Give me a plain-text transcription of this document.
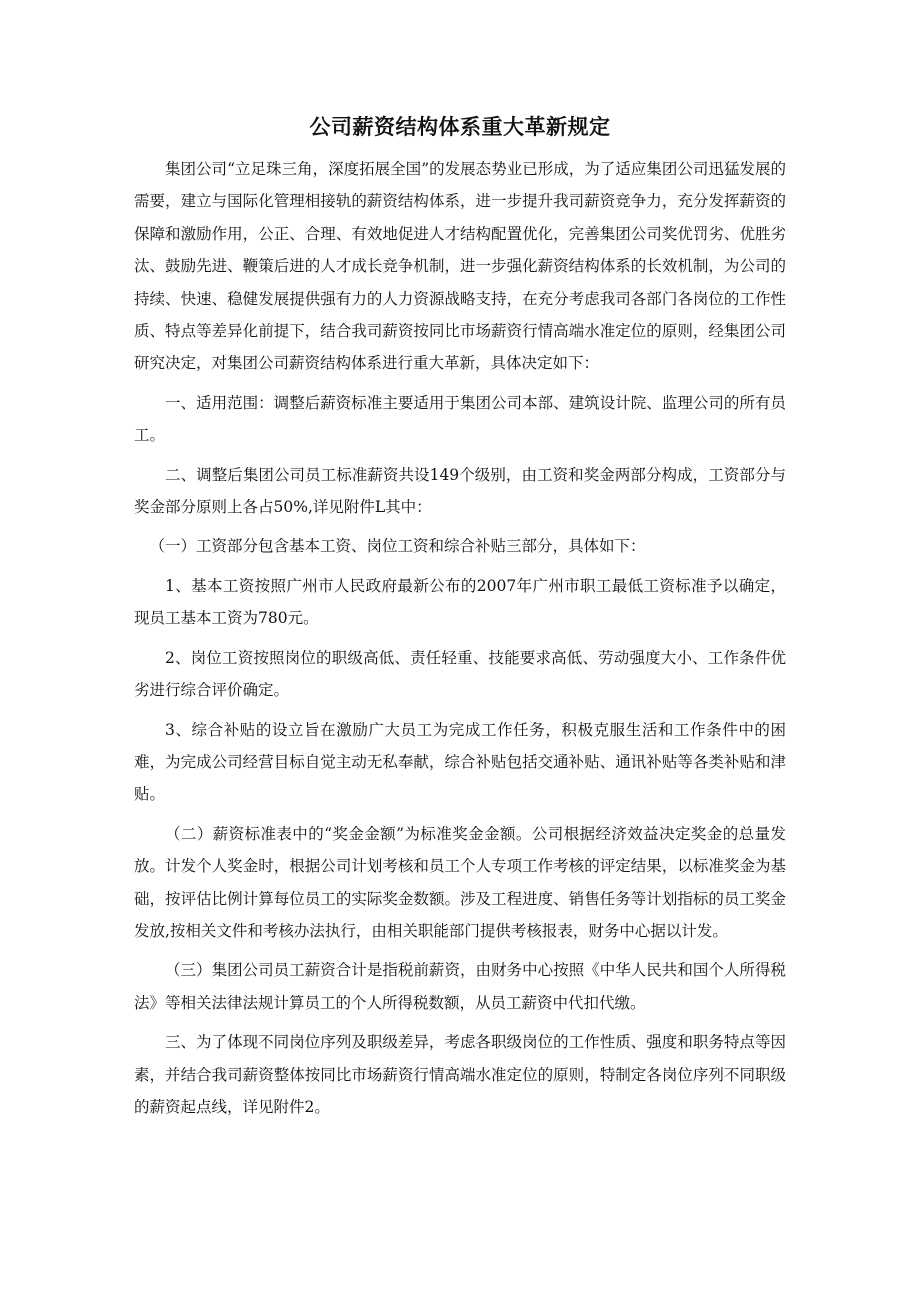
公司薪资结构体系重大革新规定

集团公司“立足珠三角，深度拓展全国”的发展态势业已形成，为了适应集团公司迅猛发展的需要，建立与国际化管理相接轨的薪资结构体系，进一步提升我司薪资竞争力，充分发挥薪资的保障和激励作用，公正、合理、有效地促进人才结构配置优化，完善集团公司奖优罚劣、优胜劣汰、鼓励先进、鞭策后进的人才成长竞争机制，进一步强化薪资结构体系的长效机制，为公司的持续、快速、稳健发展提供强有力的人力资源战略支持，在充分考虑我司各部门各岗位的工作性质、特点等差异化前提下，结合我司薪资按同比市场薪资行情高端水准定位的原则，经集团公司研究决定，对集团公司薪资结构体系进行重大革新，具体决定如下：

一、适用范围：调整后薪资标准主要适用于集团公司本部、建筑设计院、监理公司的所有员工。

二、调整后集团公司员工标准薪资共设149个级别，由工资和奖金两部分构成，工资部分与奖金部分原则上各占50%,详见附件L其中：

（一）工资部分包含基本工资、岗位工资和综合补贴三部分，具体如下：

1、基本工资按照广州市人民政府最新公布的2007年广州市职工最低工资标准予以确定，现员工基本工资为780元。

2、岗位工资按照岗位的职级高低、责任轻重、技能要求高低、劳动强度大小、工作条件优劣进行综合评价确定。

3、综合补贴的设立旨在激励广大员工为完成工作任务，积极克服生活和工作条件中的困难，为完成公司经营目标自觉主动无私奉献，综合补贴包括交通补贴、通讯补贴等各类补贴和津贴。

（二）薪资标准表中的“奖金金额”为标准奖金金额。公司根据经济效益决定奖金的总量发放。计发个人奖金时，根据公司计划考核和员工个人专项工作考核的评定结果，以标准奖金为基础，按评估比例计算每位员工的实际奖金数额。涉及工程进度、销售任务等计划指标的员工奖金发放,按相关文件和考核办法执行，由相关职能部门提供考核报表，财务中心据以计发。

（三）集团公司员工薪资合计是指税前薪资，由财务中心按照《中华人民共和国个人所得税法》等相关法律法规计算员工的个人所得税数额，从员工薪资中代扣代缴。

三、为了体现不同岗位序列及职级差异，考虑各职级岗位的工作性质、强度和职务特点等因素，并结合我司薪资整体按同比市场薪资行情高端水准定位的原则，特制定各岗位序列不同职级的薪资起点线，详见附件2。
